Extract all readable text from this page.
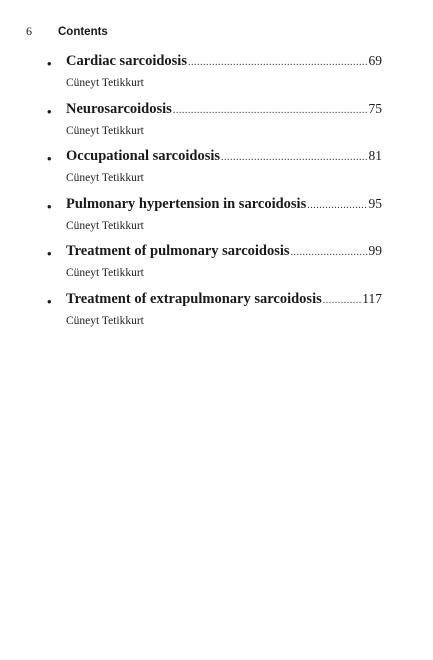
6	Contents
• Cardiac sarcoidosis .....	69
Cüneyt Tetikkurt
• Neurosarcoidosis .....	75
Cüneyt Tetikkurt
• Occupational sarcoidosis .....	81
Cüneyt Tetikkurt
• Pulmonary hypertension in sarcoidosis .....	95
Cüneyt Tetikkurt
• Treatment of pulmonary sarcoidosis .....	99
Cüneyt Tetikkurt
• Treatment of extrapulmonary sarcoidosis .....	117
Cüneyt Tetikkurt
